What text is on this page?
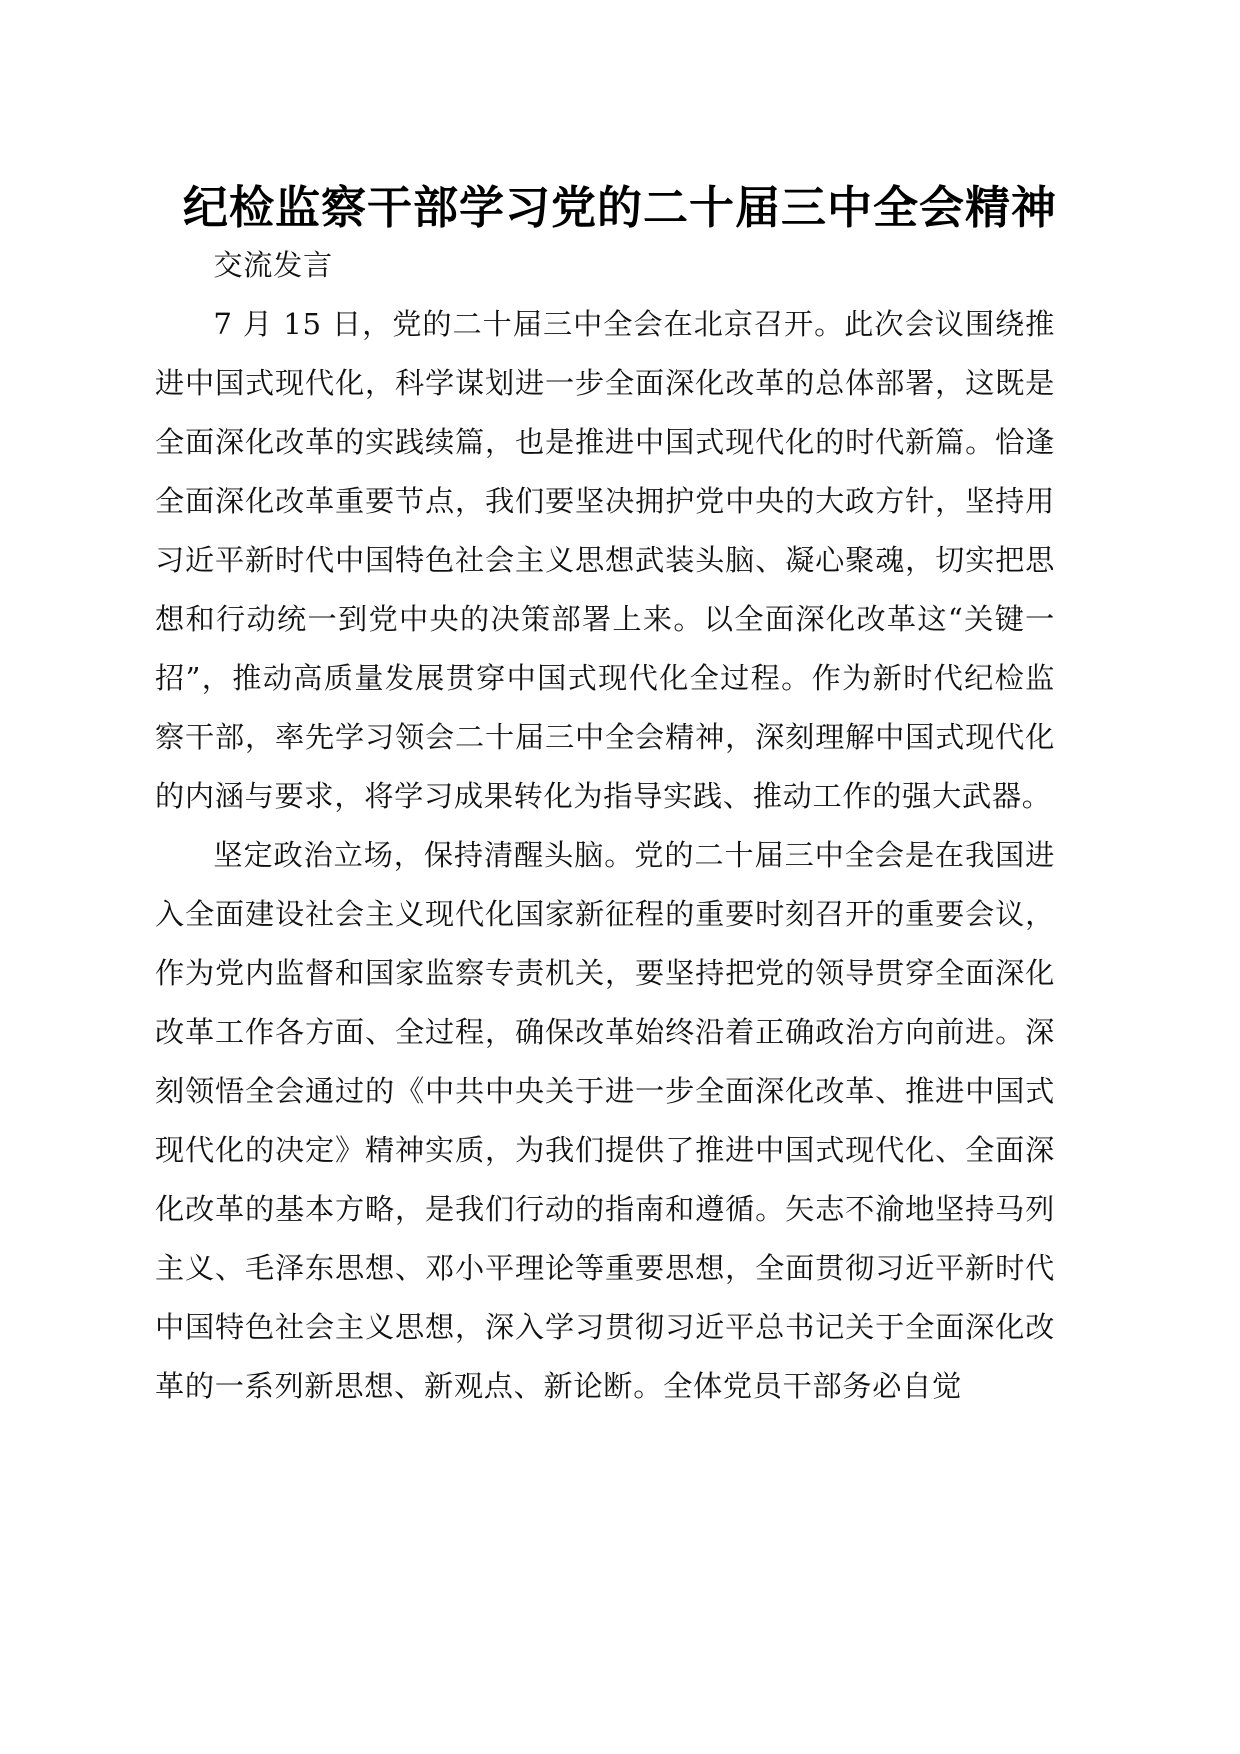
纪检监察干部学习党的二十届三中全会精神

交流发言

7 月 15 日，党的二十届三中全会在北京召开。此次会议围绕推进中国式现代化，科学谋划进一步全面深化改革的总体部署，这既是全面深化改革的实践续篇，也是推进中国式现代化的时代新篇。恰逢全面深化改革重要节点，我们要坚决拥护党中央的大政方针，坚持用习近平新时代中国特色社会主义思想武装头脑、凝心聚魂，切实把思想和行动统一到党中央的决策部署上来。以全面深化改革这“关键一招”，推动高质量发展贯穿中国式现代化全过程。作为新时代纪检监察干部，率先学习领会二十届三中全会精神，深刻理解中国式现代化的内涵与要求，将学习成果转化为指导实践、推动工作的强大武器。

坚定政治立场，保持清醒头脑。党的二十届三中全会是在我国进入全面建设社会主义现代化国家新征程的重要时刻召开的重要会议，作为党内监督和国家监察专责机关，要坚持把党的领导贯穿全面深化改革工作各方面、全过程，确保改革始终沿着正确政治方向前进。深刻领悟全会通过的《中共中央关于进一步全面深化改革、推进中国式现代化的决定》精神实质，为我们提供了推进中国式现代化、全面深化改革的基本方略，是我们行动的指南和遵循。矢志不渝地坚持马列主义、毛泽东思想、邓小平理论等重要思想，全面贯彻习近平新时代中国特色社会主义思想，深入学习贯彻习近平总书记关于全面深化改革的一系列新思想、新观点、新论断。全体党员干部务必自觉
